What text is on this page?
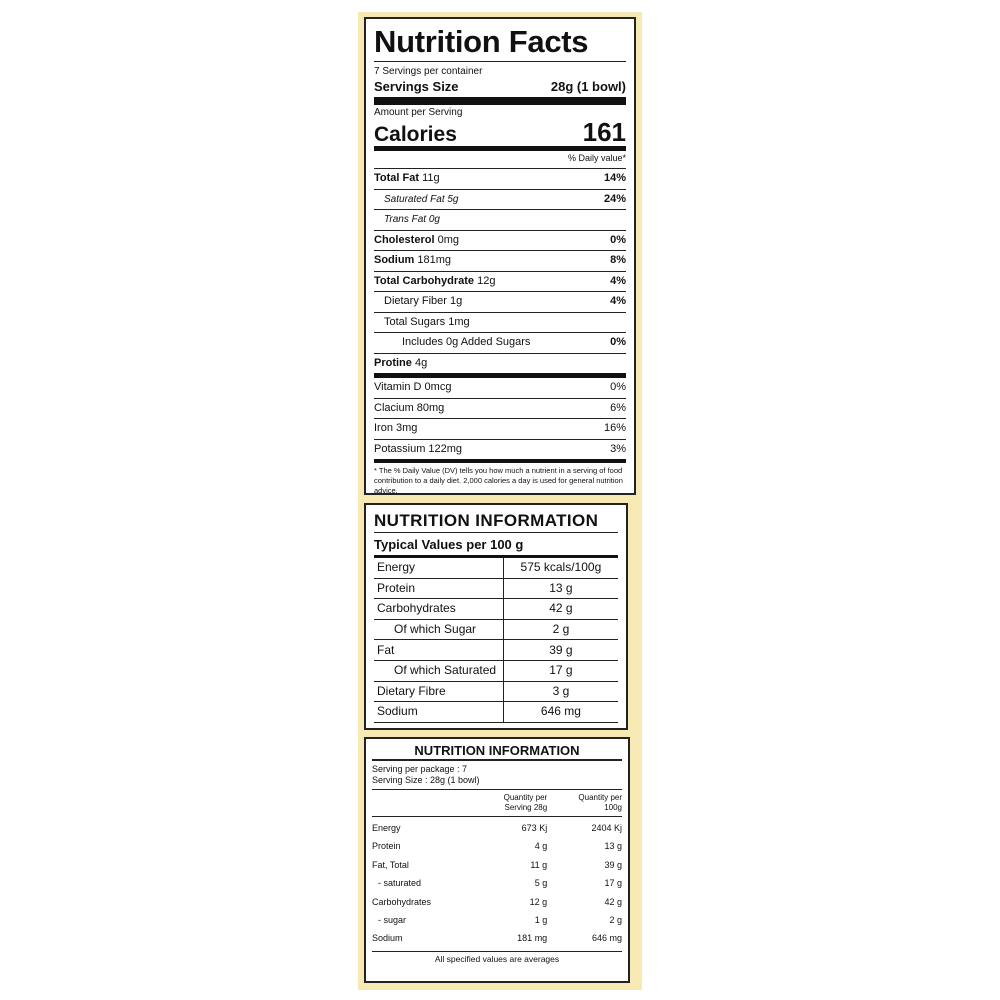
Nutrition Facts
7 Servings per container
Servings Size	28g (1 bowl)
Amount per Serving
Calories	161
% Daily value*
Total Fat 11g	14%
Saturated Fat 5g	24%
Trans Fat 0g
Cholesterol 0mg	0%
Sodium 181mg	8%
Total Carbohydrate 12g	4%
Dietary Fiber 1g	4%
Total Sugars 1mg
Includes 0g Added Sugars	0%
Protine 4g
Vitamin D 0mcg	0%
Clacium 80mg	6%
Iron 3mg	16%
Potassium 122mg	3%
* The % Daily Value (DV) tells you how much a nutrient in a serving of food contribution to a daily diet. 2,000 calories a day is used for general nutrition advice.
NUTRITION INFORMATION
Typical Values per 100 g
Energy	575 kcals/100g
Protein	13 g
Carbohydrates	42 g
Of which Sugar	2 g
Fat	39 g
Of which Saturated	17 g
Dietary Fibre	3 g
Sodium	646 mg
NUTRITION INFORMATION
Serving per package : 7
Serving Size : 28g (1 bowl)
Quantity per
Serving 28g
Quantity per
100g
Energy	673 Kj	2404 Kj
Protein	4 g	13 g
Fat, Total	11 g	39 g
- saturated	5 g	17 g
Carbohydrates	12 g	42 g
- sugar	1 g	2 g
Sodium	181 mg	646 mg
All specified values are averages
